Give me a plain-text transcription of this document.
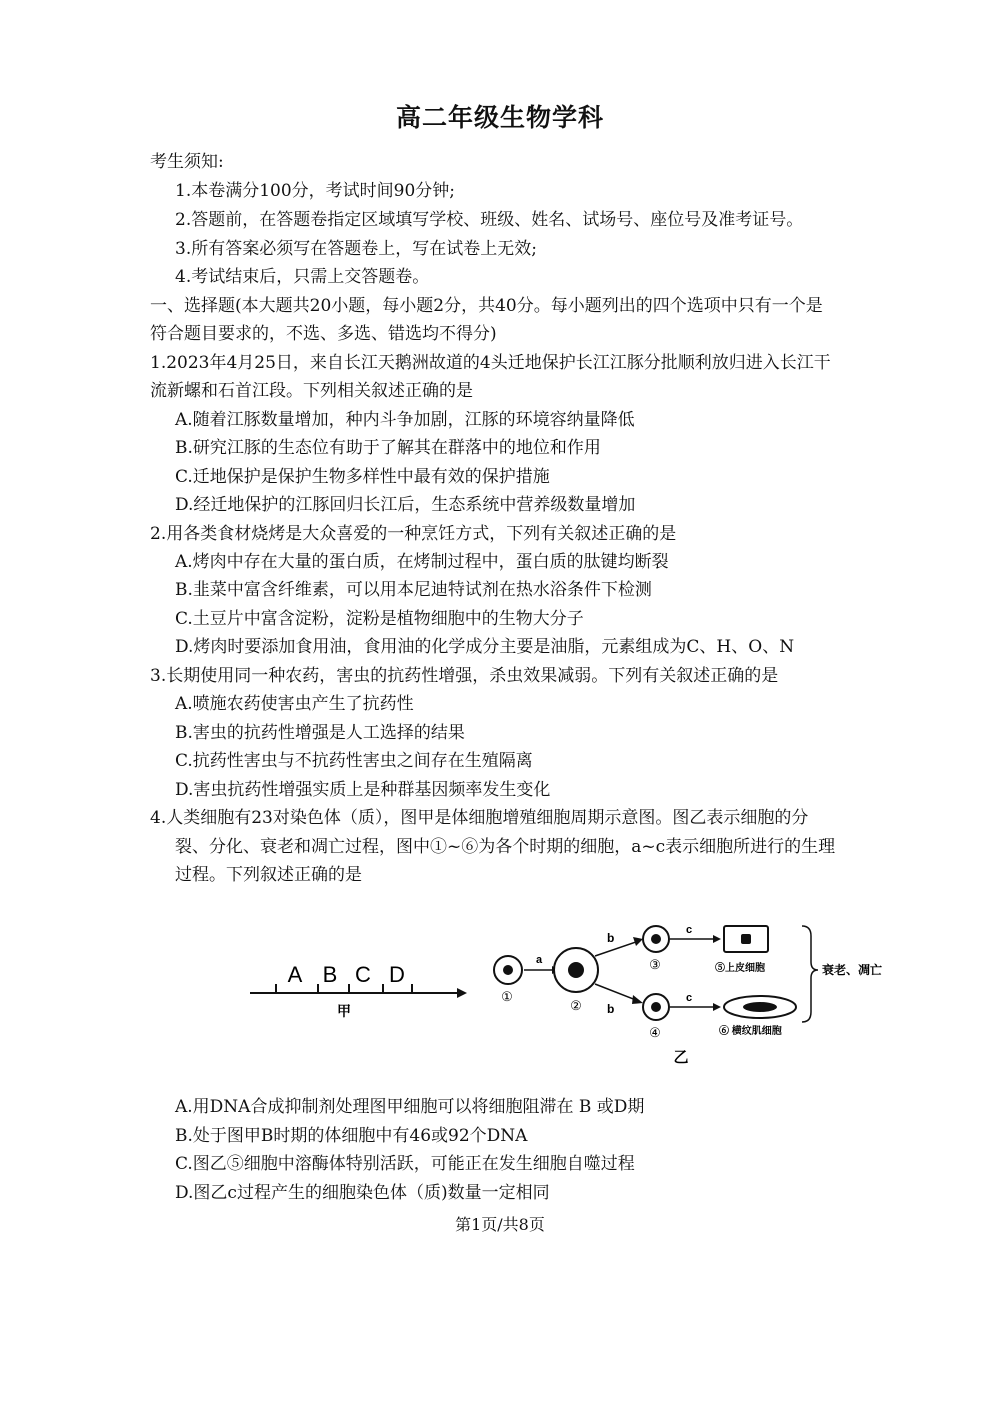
高二年级生物学科
考生须知:
1.本卷满分100分，考试时间90分钟;
2.答题前，在答题卷指定区域填写学校、班级、姓名、试场号、座位号及准考证号。
3.所有答案必须写在答题卷上，写在试卷上无效;
4.考试结束后，只需上交答题卷。
一、选择题(本大题共20小题，每小题2分，共40分。每小题列出的四个选项中只有一个是
符合题目要求的，不选、多选、错选均不得分)
1.2023年4月25日，来自长江天鹅洲故道的4头迁地保护长江江豚分批顺利放归进入长江干
流新螺和石首江段。下列相关叙述正确的是
A.随着江豚数量增加，种内斗争加剧，江豚的环境容纳量降低
B.研究江豚的生态位有助于了解其在群落中的地位和作用
C.迁地保护是保护生物多样性中最有效的保护措施
D.经迁地保护的江豚回归长江后，生态系统中营养级数量增加
2.用各类食材烧烤是大众喜爱的一种烹饪方式，下列有关叙述正确的是
A.烤肉中存在大量的蛋白质，在烤制过程中，蛋白质的肽键均断裂
B.韭菜中富含纤维素，可以用本尼迪特试剂在热水浴条件下检测
C.土豆片中富含淀粉，淀粉是植物细胞中的生物大分子
D.烤肉时要添加食用油，食用油的化学成分主要是油脂，元素组成为C、H、O、N
3.长期使用同一种农药，害虫的抗药性增强，杀虫效果减弱。下列有关叙述正确的是
A.喷施农药使害虫产生了抗药性
B.害虫的抗药性增强是人工选择的结果
C.抗药性害虫与不抗药性害虫之间存在生殖隔离
D.害虫抗药性增强实质上是种群基因频率发生变化
4.人类细胞有23对染色体（质），图甲是体细胞增殖细胞周期示意图。图乙表示细胞的分
裂、分化、衰老和凋亡过程，图中①~⑥为各个时期的细胞，a~c表示细胞所进行的生理
过程。下列叙述正确的是
A B C D
甲
①
a
②
b
b
③
④
c
c
⑤上皮细胞
⑥ 横纹肌细胞
衰老、凋亡
乙
A.用DNA合成抑制剂处理图甲细胞可以将细胞阻滞在 B 或D期
B.处于图甲B时期的体细胞中有46或92个DNA
C.图乙⑤细胞中溶酶体特别活跃，可能正在发生细胞自噬过程
D.图乙c过程产生的细胞染色体（质)数量一定相同
第1页/共8页
